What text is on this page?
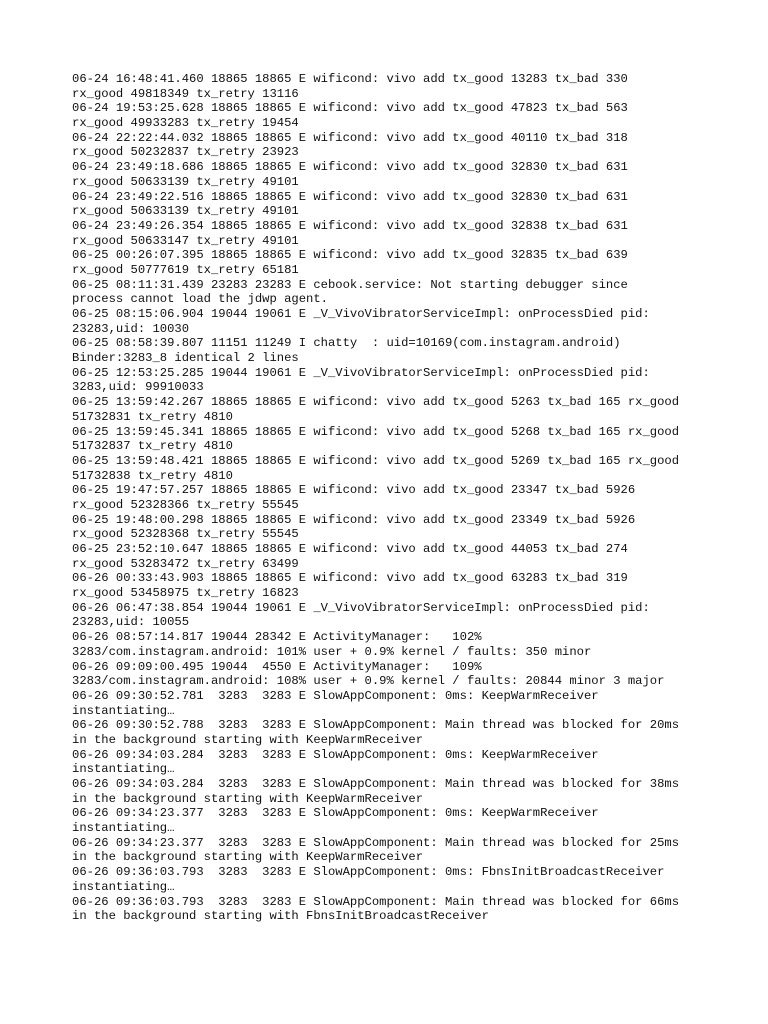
06-24 16:48:41.460 18865 18865 E wificond: vivo add tx_good 13283 tx_bad 330
rx_good 49818349 tx_retry 13116
06-24 19:53:25.628 18865 18865 E wificond: vivo add tx_good 47823 tx_bad 563
rx_good 49933283 tx_retry 19454
06-24 22:22:44.032 18865 18865 E wificond: vivo add tx_good 40110 tx_bad 318
rx_good 50232837 tx_retry 23923
06-24 23:49:18.686 18865 18865 E wificond: vivo add tx_good 32830 tx_bad 631
rx_good 50633139 tx_retry 49101
06-24 23:49:22.516 18865 18865 E wificond: vivo add tx_good 32830 tx_bad 631
rx_good 50633139 tx_retry 49101
06-24 23:49:26.354 18865 18865 E wificond: vivo add tx_good 32838 tx_bad 631
rx_good 50633147 tx_retry 49101
06-25 00:26:07.395 18865 18865 E wificond: vivo add tx_good 32835 tx_bad 639
rx_good 50777619 tx_retry 65181
06-25 08:11:31.439 23283 23283 E cebook.service: Not starting debugger since
process cannot load the jdwp agent.
06-25 08:15:06.904 19044 19061 E _V_VivoVibratorServiceImpl: onProcessDied pid:
23283,uid: 10030
06-25 08:58:39.807 11151 11249 I chatty  : uid=10169(com.instagram.android)
Binder:3283_8 identical 2 lines
06-25 12:53:25.285 19044 19061 E _V_VivoVibratorServiceImpl: onProcessDied pid:
3283,uid: 99910033
06-25 13:59:42.267 18865 18865 E wificond: vivo add tx_good 5263 tx_bad 165 rx_good
51732831 tx_retry 4810
06-25 13:59:45.341 18865 18865 E wificond: vivo add tx_good 5268 tx_bad 165 rx_good
51732837 tx_retry 4810
06-25 13:59:48.421 18865 18865 E wificond: vivo add tx_good 5269 tx_bad 165 rx_good
51732838 tx_retry 4810
06-25 19:47:57.257 18865 18865 E wificond: vivo add tx_good 23347 tx_bad 5926
rx_good 52328366 tx_retry 55545
06-25 19:48:00.298 18865 18865 E wificond: vivo add tx_good 23349 tx_bad 5926
rx_good 52328368 tx_retry 55545
06-25 23:52:10.647 18865 18865 E wificond: vivo add tx_good 44053 tx_bad 274
rx_good 53283472 tx_retry 63499
06-26 00:33:43.903 18865 18865 E wificond: vivo add tx_good 63283 tx_bad 319
rx_good 53458975 tx_retry 16823
06-26 06:47:38.854 19044 19061 E _V_VivoVibratorServiceImpl: onProcessDied pid:
23283,uid: 10055
06-26 08:57:14.817 19044 28342 E ActivityManager:   102%
3283/com.instagram.android: 101% user + 0.9% kernel / faults: 350 minor
06-26 09:09:00.495 19044  4550 E ActivityManager:   109%
3283/com.instagram.android: 108% user + 0.9% kernel / faults: 20844 minor 3 major
06-26 09:30:52.781  3283  3283 E SlowAppComponent: 0ms: KeepWarmReceiver
instantiating…
06-26 09:30:52.788  3283  3283 E SlowAppComponent: Main thread was blocked for 20ms
in the background starting with KeepWarmReceiver
06-26 09:34:03.284  3283  3283 E SlowAppComponent: 0ms: KeepWarmReceiver
instantiating…
06-26 09:34:03.284  3283  3283 E SlowAppComponent: Main thread was blocked for 38ms
in the background starting with KeepWarmReceiver
06-26 09:34:23.377  3283  3283 E SlowAppComponent: 0ms: KeepWarmReceiver
instantiating…
06-26 09:34:23.377  3283  3283 E SlowAppComponent: Main thread was blocked for 25ms
in the background starting with KeepWarmReceiver
06-26 09:36:03.793  3283  3283 E SlowAppComponent: 0ms: FbnsInitBroadcastReceiver
instantiating…
06-26 09:36:03.793  3283  3283 E SlowAppComponent: Main thread was blocked for 66ms
in the background starting with FbnsInitBroadcastReceiver
